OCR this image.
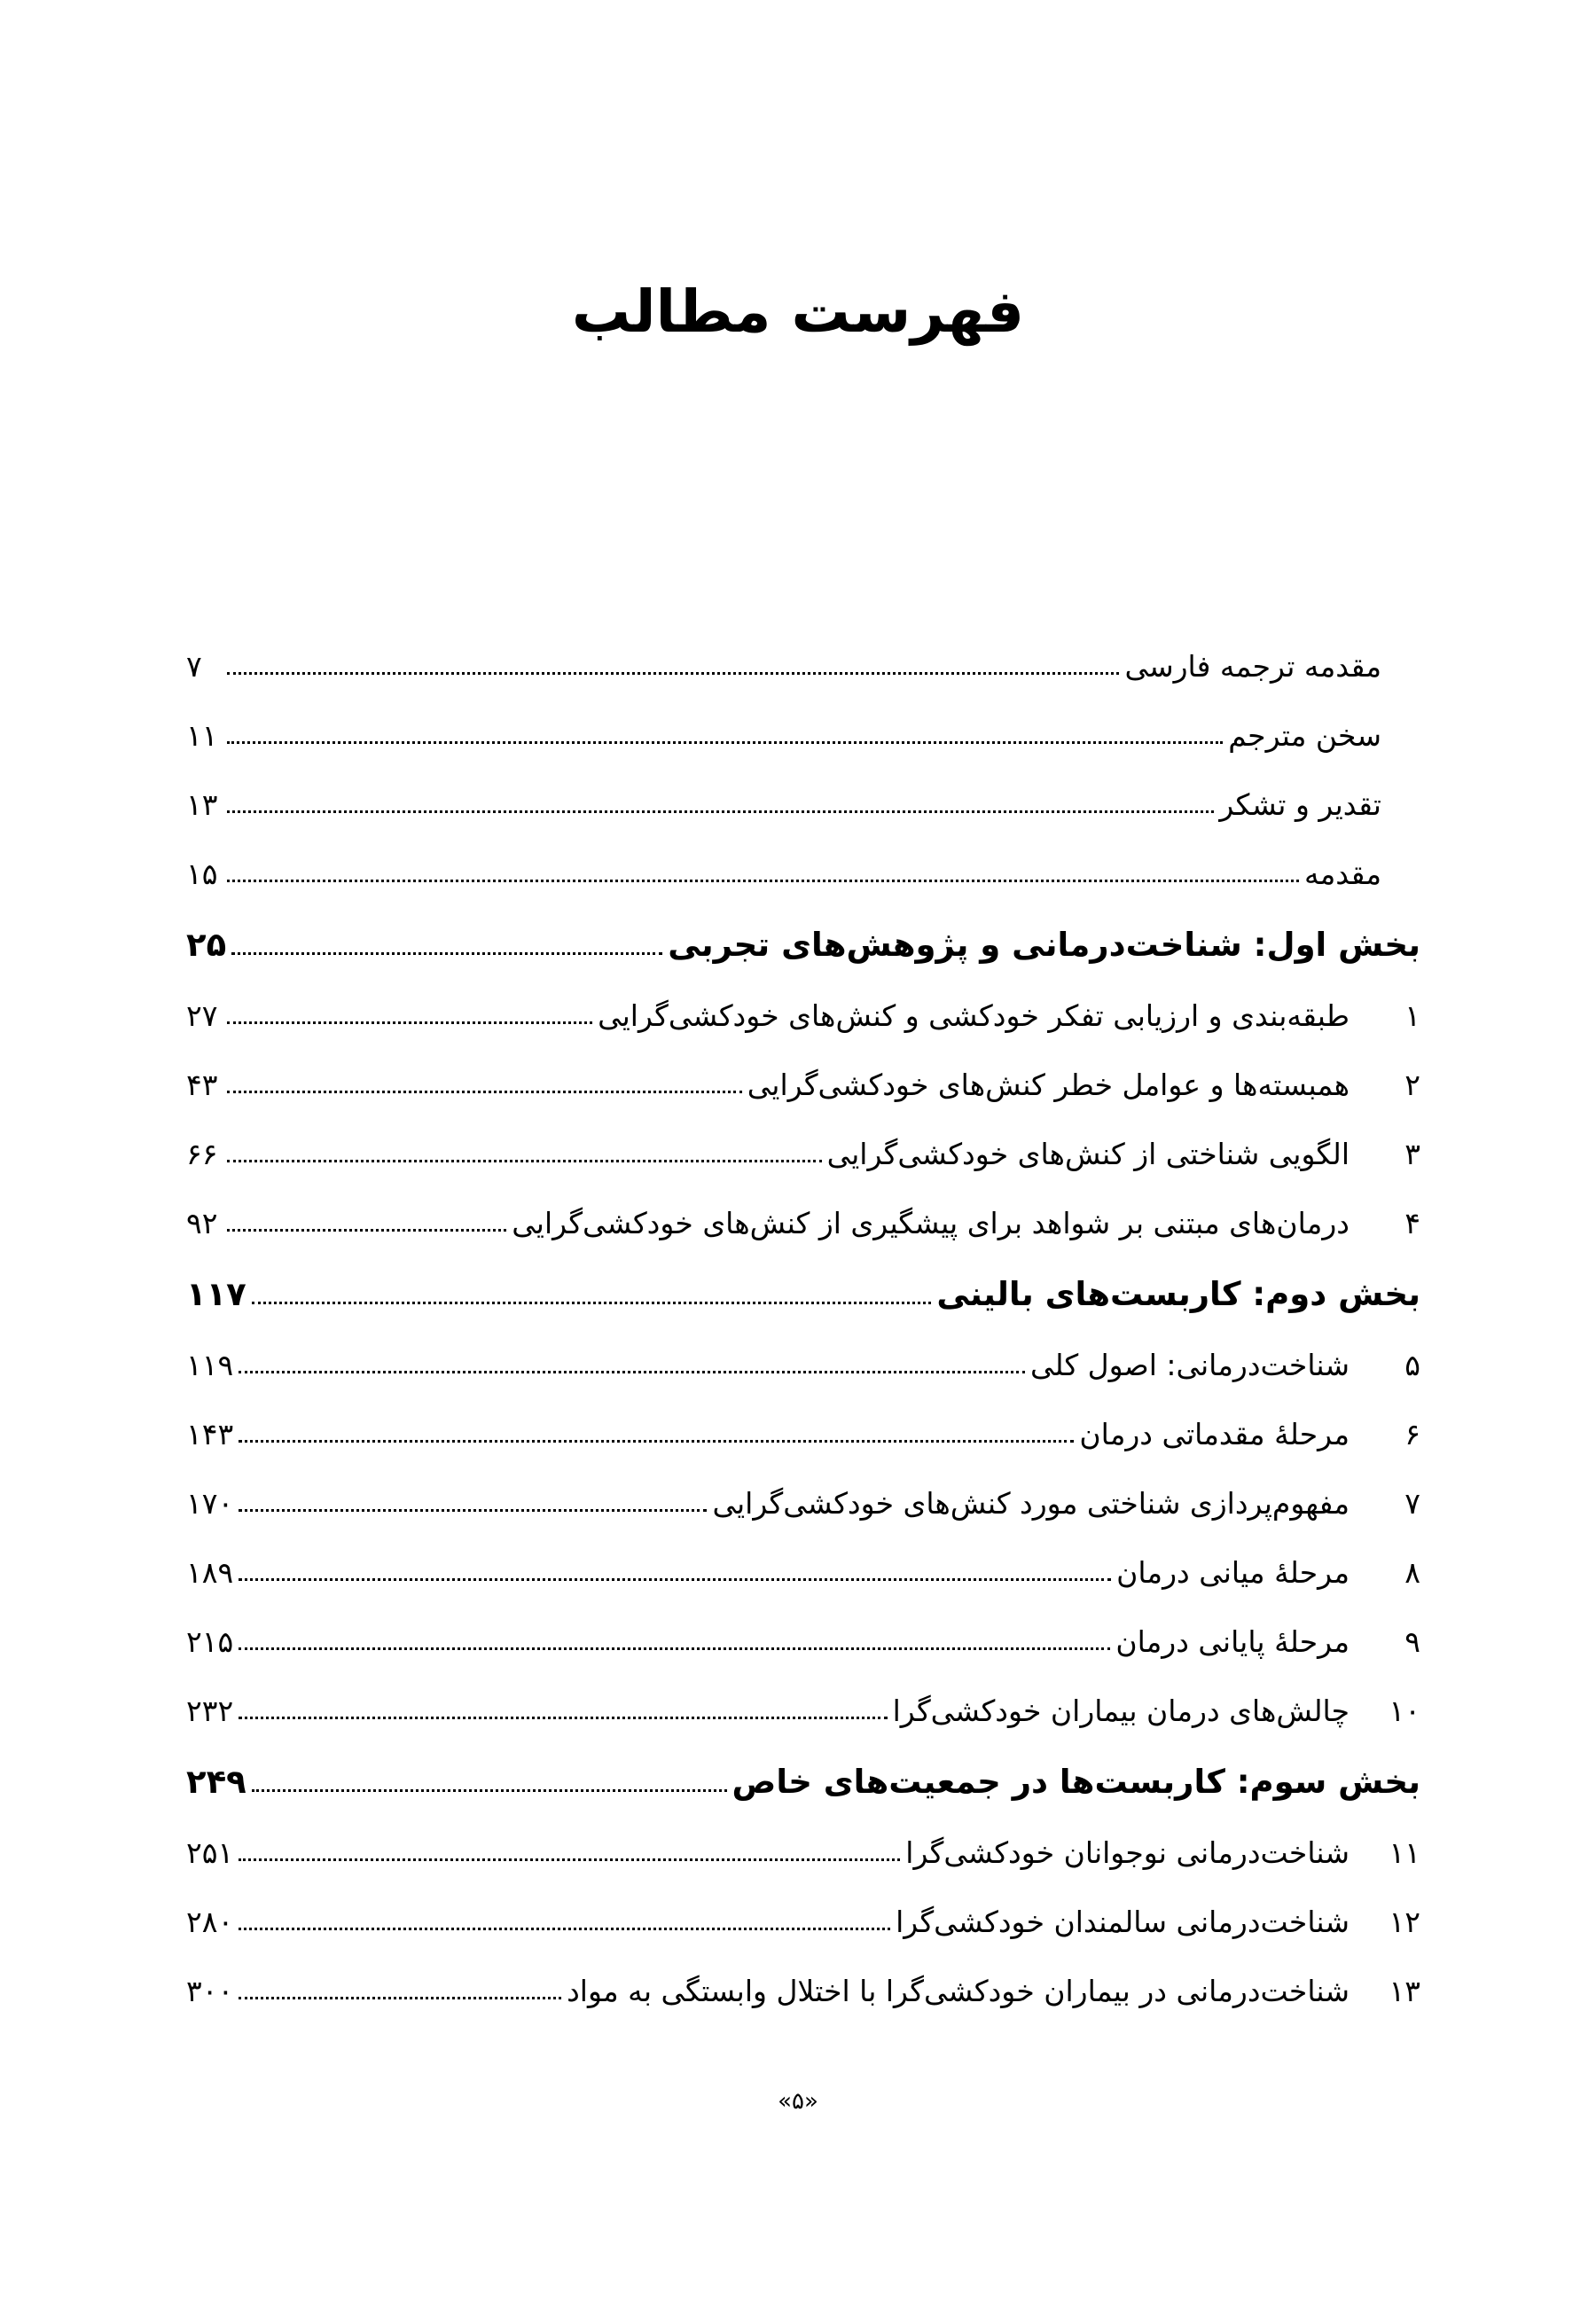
فهرست مطالب
مقدمه ترجمه فارسی
۷
سخن مترجم
۱۱
تقدیر و تشکر
۱۳
مقدمه
۱۵
بخش اول: شناخت‌درمانی و پژوهش‌های تجربی
۲۵
۱
طبقه‌بندی و ارزیابی تفکر خودکشی و کنش‌های خودکشی‌گرایی
۲۷
۲
همبسته‌ها و عوامل خطر کنش‌های خودکشی‌گرایی
۴۳
۳
الگویی شناختی از کنش‌های خودکشی‌گرایی
۶۶
۴
درمان‌های مبتنی بر شواهد برای پیشگیری از کنش‌های خودکشی‌گرایی
۹۲
بخش دوم: کاربست‌های بالینی
۱۱۷
۵
شناخت‌درمانی: اصول کلی
۱۱۹
۶
مرحلهٔ مقدماتی درمان
۱۴۳
۷
مفهوم‌پردازی شناختی مورد کنش‌های خودکشی‌گرایی
۱۷۰
۸
مرحلهٔ میانی درمان
۱۸۹
۹
مرحلهٔ پایانی درمان
۲۱۵
۱۰
چالش‌های درمان بیماران خودکشی‌گرا
۲۳۲
بخش سوم: کاربست‌ها در جمعیت‌های خاص
۲۴۹
۱۱
شناخت‌درمانی نوجوانان خودکشی‌گرا
۲۵۱
۱۲
شناخت‌درمانی سالمندان خودکشی‌گرا
۲۸۰
۱۳
شناخت‌درمانی در بیماران خودکشی‌گرا با اختلال وابستگی به مواد
۳۰۰
«۵»
